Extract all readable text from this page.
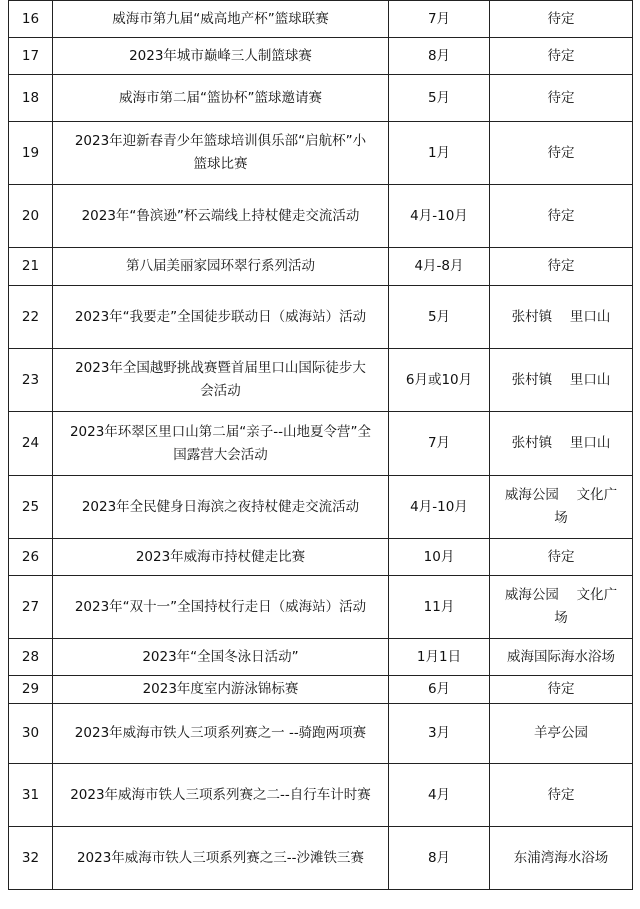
16	威海市第九届“威高地产杯”篮球联赛	7月	待定
17	2023年城市巅峰三人制篮球赛	8月	待定
18	威海市第二届“篮协杯”篮球邀请赛	5月	待定
19	2023年迎新春青少年篮球培训俱乐部“启航杯”小篮球比赛	1月	待定
20	2023年“鲁滨逊”杯云端线上持杖健走交流活动	4月-10月	待定
21	第八届美丽家园环翠行系列活动	4月-8月	待定
22	2023年“我要走”全国徒步联动日（威海站）活动	5月	张村镇　 里口山
23	2023年全国越野挑战赛暨首届里口山国际徒步大会活动	6月或10月	张村镇　 里口山
24	2023年环翠区里口山第二届“亲子--山地夏令营”全国露营大会活动	7月	张村镇　 里口山
25	2023年全民健身日海滨之夜持杖健走交流活动	4月-10月	威海公园　 文化广场
26	2023年威海市持杖健走比赛	10月	待定
27	2023年“双十一”全国持杖行走日（威海站）活动	11月	威海公园　 文化广场
28	2023年“全国冬泳日活动”	1月1日	威海国际海水浴场
29	2023年度室内游泳锦标赛	6月	待定
30	2023年威海市铁人三项系列赛之一 --骑跑两项赛	3月	羊亭公园
31	2023年威海市铁人三项系列赛之二--自行车计时赛	4月	待定
32	2023年威海市铁人三项系列赛之三--沙滩铁三赛	8月	东浦湾海水浴场
